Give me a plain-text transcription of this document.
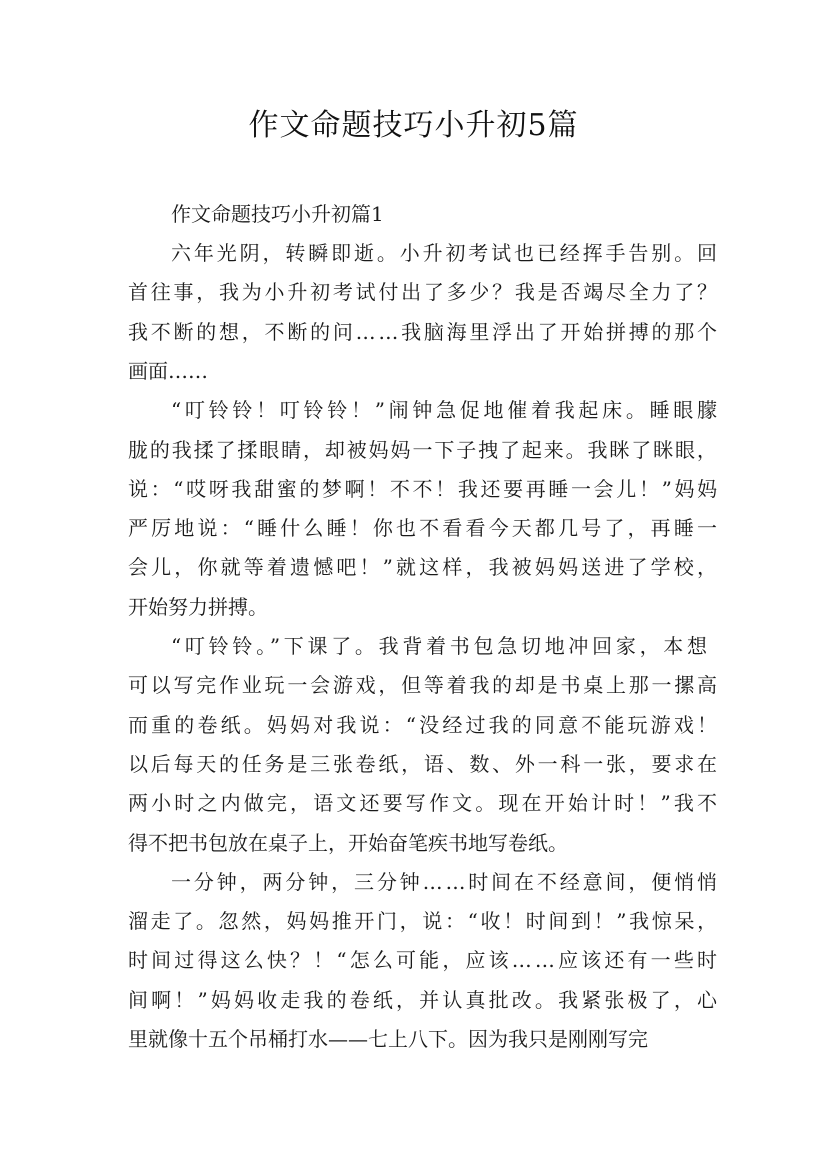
作文命题技巧小升初5篇
作文命题技巧小升初篇1
六年光阴，转瞬即逝。小升初考试也已经挥手告别。回
首往事，我为小升初考试付出了多少？我是否竭尽全力了？
我不断的想，不断的问……我脑海里浮出了开始拼搏的那个
画面……
“叮铃铃！叮铃铃！”闹钟急促地催着我起床。睡眼朦
胧的我揉了揉眼睛，却被妈妈一下子拽了起来。我眯了眯眼，
说：“哎呀我甜蜜的梦啊！不不！我还要再睡一会儿！”妈妈
严厉地说：“睡什么睡！你也不看看今天都几号了，再睡一
会儿，你就等着遗憾吧！”就这样，我被妈妈送进了学校，
开始努力拼搏。
“叮铃铃。”下课了。我背着书包急切地冲回家，本想
可以写完作业玩一会游戏，但等着我的却是书桌上那一摞高
而重的卷纸。妈妈对我说：“没经过我的同意不能玩游戏！
以后每天的任务是三张卷纸，语、数、外一科一张，要求在
两小时之内做完，语文还要写作文。现在开始计时！”我不
得不把书包放在桌子上，开始奋笔疾书地写卷纸。
一分钟，两分钟，三分钟……时间在不经意间，便悄悄
溜走了。忽然，妈妈推开门，说：“收！时间到！”我惊呆，
时间过得这么快？！“怎么可能，应该……应该还有一些时
间啊！”妈妈收走我的卷纸，并认真批改。我紧张极了，心
里就像十五个吊桶打水——七上八下。因为我只是刚刚写完
